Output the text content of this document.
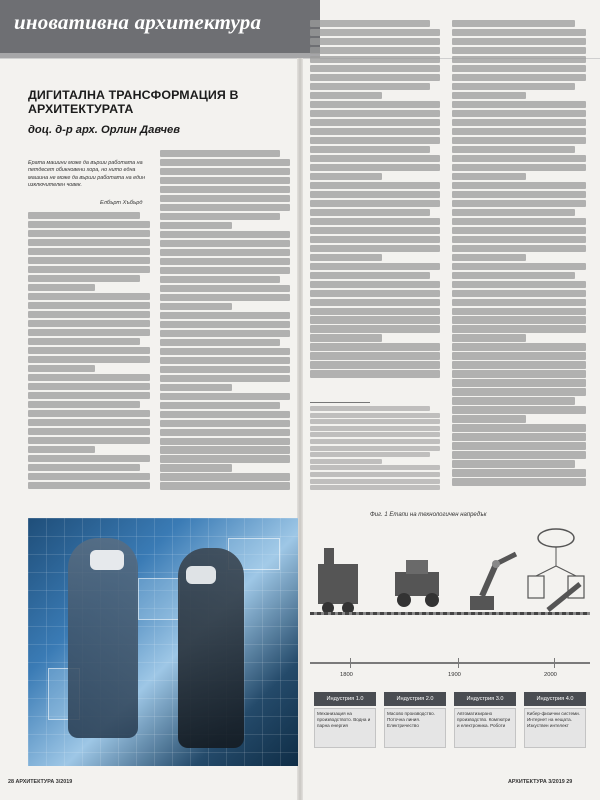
иновативна архитектура
ДИГИТАЛНА ТРАНСФОРМАЦИЯ В АРХИТЕКТУРАТА
доц. д-р арх. Орлин Давчев
Ерата машини може да върши работата на петдесет обикновени хора, но нито една машина не може да върши работата на един изключителен човек.
Елбърт Хъбърд
Фиг. 1 Етапи на технологичен напредък
1800	1900	2000
Индустрия 1.0	Индустрия 2.0	Индустрия 3.0	Индустрия 4.0
Механизация на производството. Водна и парна енергия
Масово производство. Поточна линия. Електричество
Автоматизирано производство. Компютри и електроника. Роботи
Кибер-физични системи. Интернет на нещата. Изкуствен интелект
28 АРХИТЕКТУРА 3/2019	АРХИТЕКТУРА 3/2019 29
